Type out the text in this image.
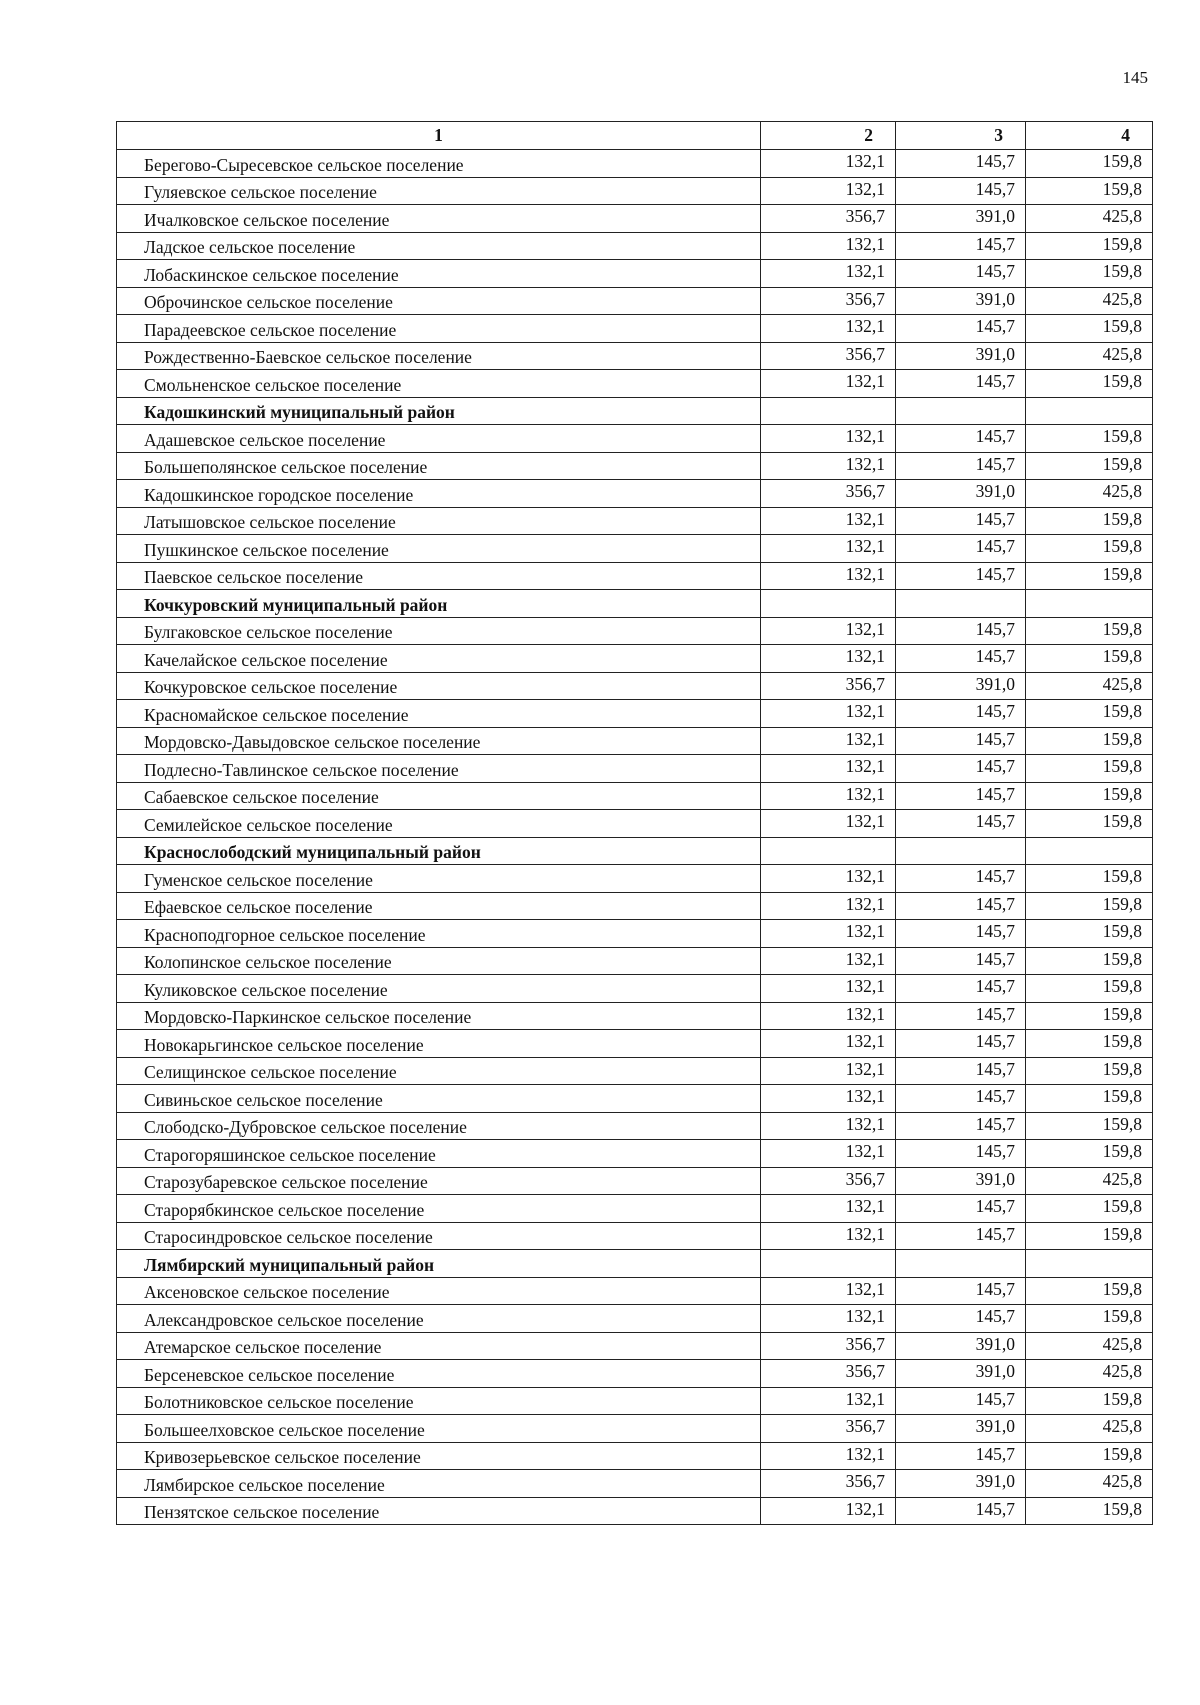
145
1	2	3	4
Берегово-Сыресевское сельское поселение	132,1	145,7	159,8
Гуляевское сельское поселение	132,1	145,7	159,8
Ичалковское сельское поселение	356,7	391,0	425,8
Ладское сельское поселение	132,1	145,7	159,8
Лобаскинское сельское поселение	132,1	145,7	159,8
Оброчинское сельское поселение	356,7	391,0	425,8
Парадеевское сельское поселение	132,1	145,7	159,8
Рождественно-Баевское сельское поселение	356,7	391,0	425,8
Смольненское сельское поселение	132,1	145,7	159,8
Кадошкинский муниципальный район			
Адашевское сельское поселение	132,1	145,7	159,8
Большеполянское сельское поселение	132,1	145,7	159,8
Кадошкинское городское поселение	356,7	391,0	425,8
Латышовское сельское поселение	132,1	145,7	159,8
Пушкинское сельское поселение	132,1	145,7	159,8
Паевское сельское поселение	132,1	145,7	159,8
Кочкуровский муниципальный район			
Булгаковское сельское поселение	132,1	145,7	159,8
Качелайское сельское поселение	132,1	145,7	159,8
Кочкуровское сельское поселение	356,7	391,0	425,8
Красномайское сельское поселение	132,1	145,7	159,8
Мордовско-Давыдовское сельское поселение	132,1	145,7	159,8
Подлесно-Тавлинское сельское поселение	132,1	145,7	159,8
Сабаевское сельское поселение	132,1	145,7	159,8
Семилейское сельское поселение	132,1	145,7	159,8
Краснослободский муниципальный район			
Гуменское сельское поселение	132,1	145,7	159,8
Ефаевское сельское поселение	132,1	145,7	159,8
Краснoподгорное сельское поселение	132,1	145,7	159,8
Колопинское сельское поселение	132,1	145,7	159,8
Куликовское сельское поселение	132,1	145,7	159,8
Мордовско-Паркинское сельское поселение	132,1	145,7	159,8
Новокарьгинское сельское поселение	132,1	145,7	159,8
Селищинское сельское поселение	132,1	145,7	159,8
Сивиньское сельское поселение	132,1	145,7	159,8
Слободско-Дубровское сельское поселение	132,1	145,7	159,8
Старогоряшинское сельское поселение	132,1	145,7	159,8
Старозубаревское сельское поселение	356,7	391,0	425,8
Старорябкинское сельское поселение	132,1	145,7	159,8
Старосиндровское сельское поселение	132,1	145,7	159,8
Лямбирский муниципальный район			
Аксеновское сельское поселение	132,1	145,7	159,8
Александровское сельское поселение	132,1	145,7	159,8
Атемарское сельское поселение	356,7	391,0	425,8
Берсеневское сельское поселение	356,7	391,0	425,8
Болотниковское сельское поселение	132,1	145,7	159,8
Большеелховское сельское поселение	356,7	391,0	425,8
Кривозерьевское сельское поселение	132,1	145,7	159,8
Лямбирское сельское поселение	356,7	391,0	425,8
Пензятское сельское поселение	132,1	145,7	159,8
